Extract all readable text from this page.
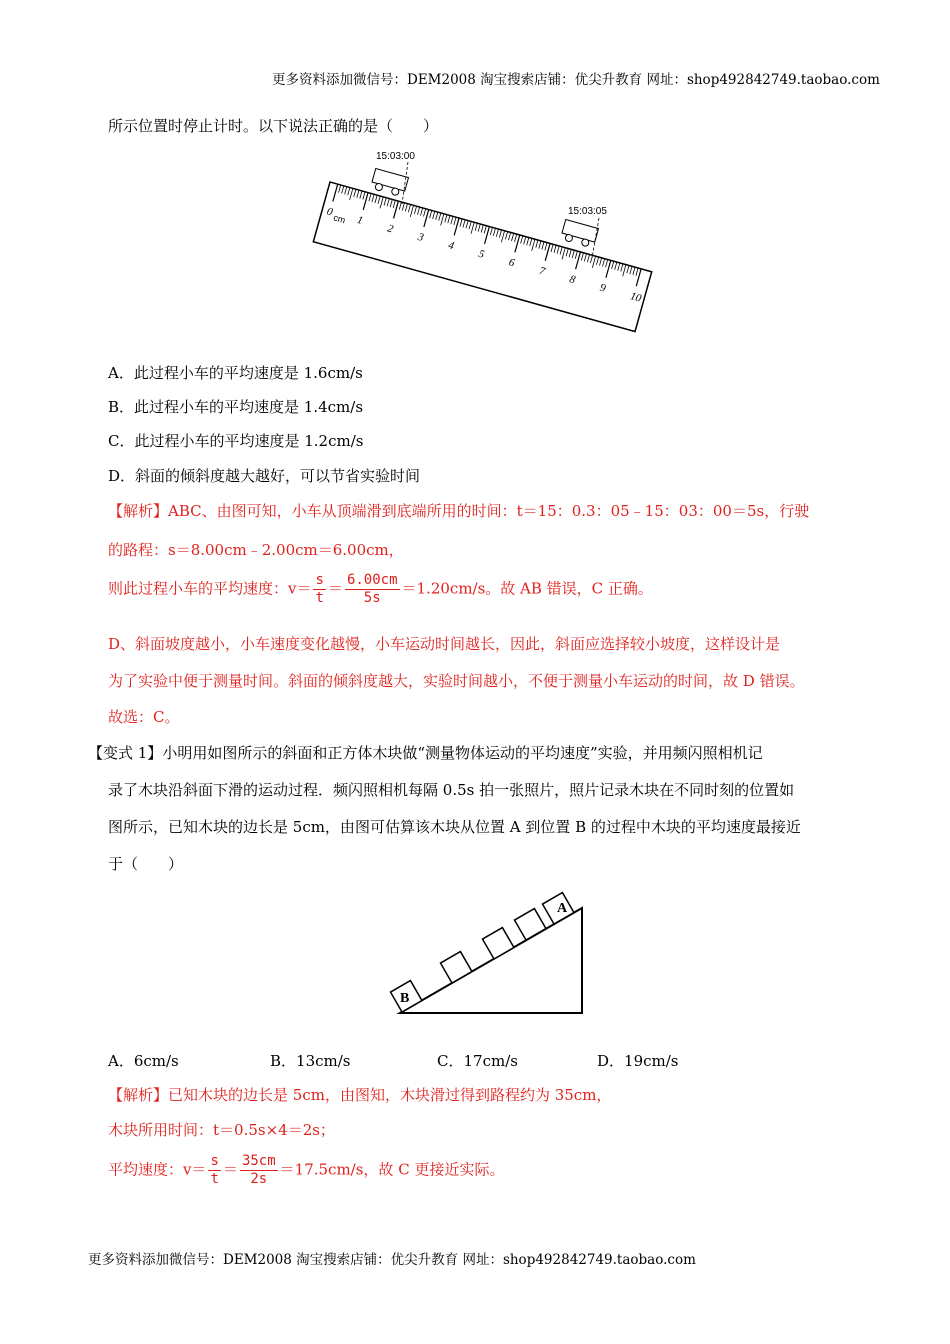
更多资料添加微信号：DEM2008 淘宝搜索店铺：优尖升教育 网址：shop492842749.taobao.com
所示位置时停止计时。以下说法正确的是（　　）
0
1
2
3
4
5
6
7
8
9
10
cm
15:03:00
15:03:05
A．此过程小车的平均速度是 1.6cm/s
B．此过程小车的平均速度是 1.4cm/s
C．此过程小车的平均速度是 1.2cm/s
D．斜面的倾斜度越大越好，可以节省实验时间
【解析】ABC、由图可知，小车从顶端滑到底端所用的时间：t＝15：0.3：05﹣15：03：00＝5s，行驶
的路程：s＝8.00cm﹣2.00cm＝6.00cm，
则此过程小车的平均速度：$v= \frac{s}{t} = \frac{6.00cm}{5s} =1.20cm/s$。故 AB 错误，C 正确。
D、斜面坡度越小，小车速度变化越慢，小车运动时间越长，因此，斜面应选择较小坡度，这样设计是
为了实验中便于测量时间。斜面的倾斜度越大，实验时间越小，不便于测量小车运动的时间，故 D 错误。
故选：C。
【变式 1】小明用如图所示的斜面和正方体木块做“测量物体运动的平均速度”实验，并用频闪照相机记
录了木块沿斜面下滑的运动过程．频闪照相机每隔 0.5s 拍一张照片，照片记录木块在不同时刻的位置如
图所示，已知木块的边长是 5cm，由图可估算该木块从位置 A 到位置 B 的过程中木块的平均速度最接近
于（　　）
B
A
A．6cm/s	B．13cm/s	C．17cm/s	D．19cm/s
【解析】已知木块的边长是 5cm，由图知，木块滑过得到路程约为 35cm，
木块所用时间：t＝0.5s×4＝2s；
平均速度：$v= \frac{s}{t} = \frac{35cm}{2s} =17.5cm/s$，故 C 更接近实际。
更多资料添加微信号：DEM2008 淘宝搜索店铺：优尖升教育 网址：shop492842749.taobao.com
